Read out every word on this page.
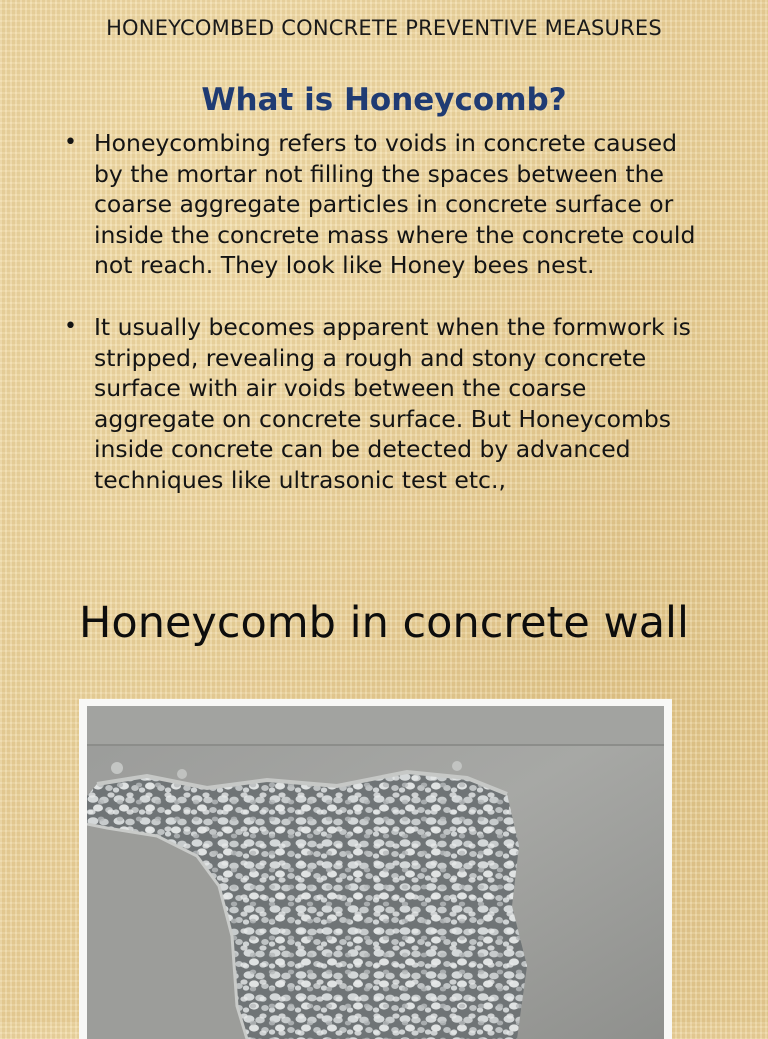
HONEYCOMBED CONCRETE PREVENTIVE MEASURES
What is Honeycomb?
• Honeycombing refers to voids in concrete caused by the mortar not filling the spaces between the coarse aggregate particles in concrete surface or inside the concrete mass where the concrete could not reach. They look like Honey bees nest.
• It usually becomes apparent when the formwork is stripped, revealing a rough and stony concrete surface with air voids between the coarse aggregate on concrete surface. But Honeycombs inside concrete can be detected by advanced techniques like ultrasonic test etc.,
Honeycomb in concrete wall
